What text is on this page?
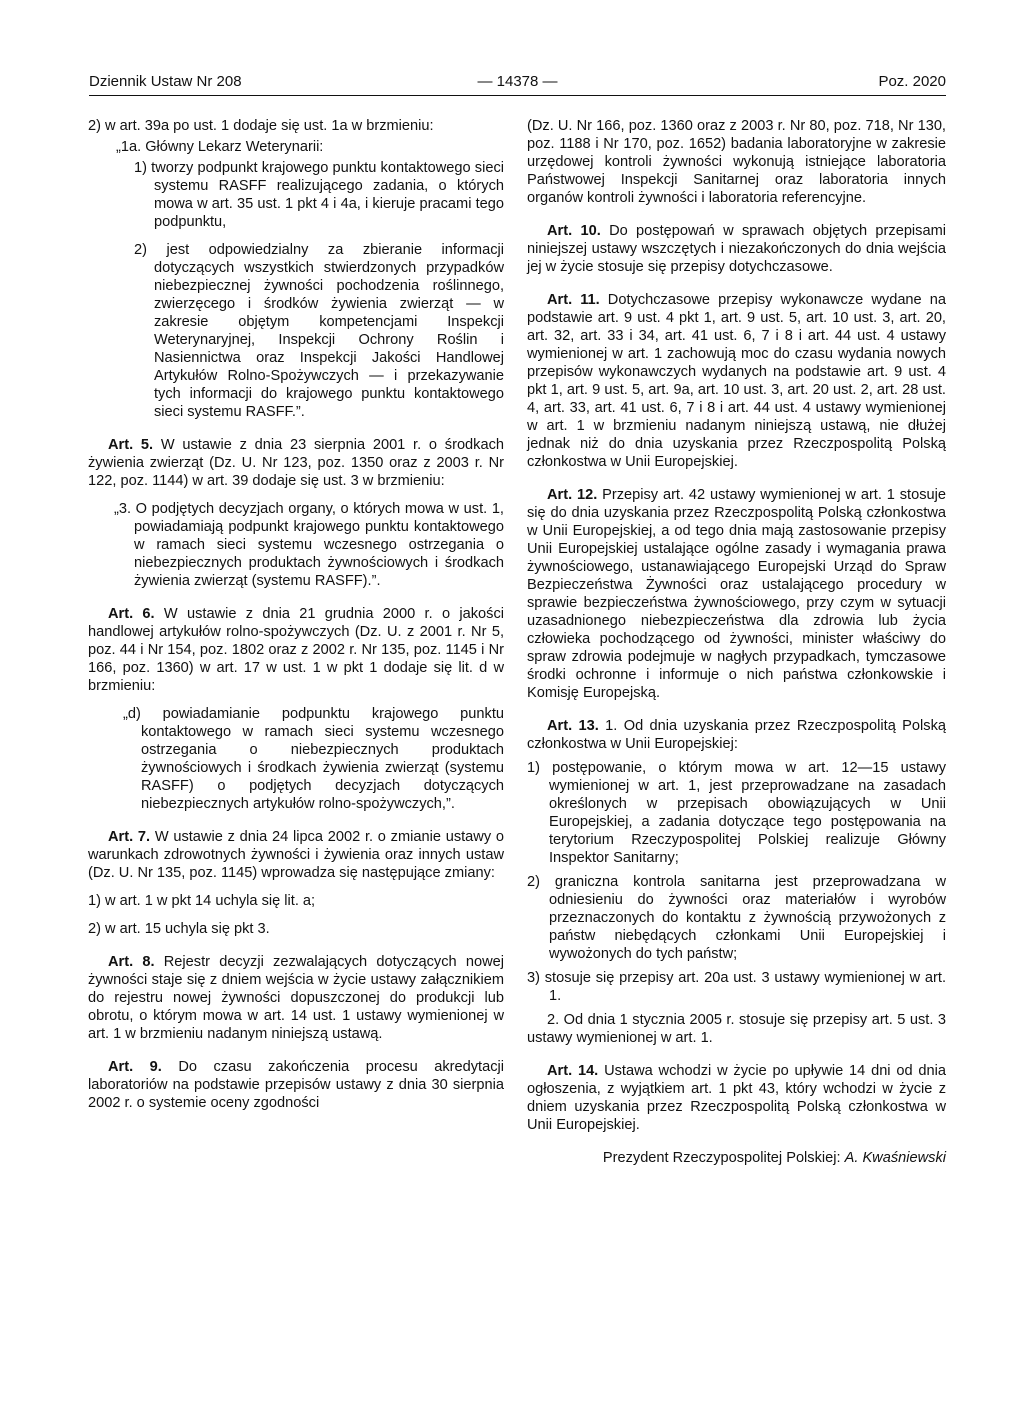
Dziennik Ustaw Nr 208	— 14378 —	Poz. 2020

2) w art. 39a po ust. 1 dodaje się ust. 1a w brzmieniu:

„1a. Główny Lekarz Weterynarii:

1) tworzy podpunkt krajowego punktu kontaktowego sieci systemu RASFF realizującego zadania, o których mowa w art. 35 ust. 1 pkt 4 i 4a, i kieruje pracami tego podpunktu,

2) jest odpowiedzialny za zbieranie informacji dotyczących wszystkich stwierdzonych przypadków niebezpiecznej żywności pochodzenia roślinnego, zwierzęcego i środków żywienia zwierząt — w zakresie objętym kompetencjami Inspekcji Weterynaryjnej, Inspekcji Ochrony Roślin i Nasiennictwa oraz Inspekcji Jakości Handlowej Artykułów Rolno-Spożywczych — i przekazywanie tych informacji do krajowego punktu kontaktowego sieci systemu RASFF.”.

Art. 5. W ustawie z dnia 23 sierpnia 2001 r. o środkach żywienia zwierząt (Dz. U. Nr 123, poz. 1350 oraz z 2003 r. Nr 122, poz. 1144) w art. 39 dodaje się ust. 3 w brzmieniu:

„3. O podjętych decyzjach organy, o których mowa w ust. 1, powiadamiają podpunkt krajowego punktu kontaktowego w ramach sieci systemu wczesnego ostrzegania o niebezpiecznych produktach żywnościowych i środkach żywienia zwierząt (systemu RASFF).”.

Art. 6. W ustawie z dnia 21 grudnia 2000 r. o jakości handlowej artykułów rolno-spożywczych (Dz. U. z 2001 r. Nr 5, poz. 44 i Nr 154, poz. 1802 oraz z 2002 r. Nr 135, poz. 1145 i Nr 166, poz. 1360) w art. 17 w ust. 1 w pkt 1 dodaje się lit. d w brzmieniu:

„d) powiadamianie podpunktu krajowego punktu kontaktowego w ramach sieci systemu wczesnego ostrzegania o niebezpiecznych produktach żywnościowych i środkach żywienia zwierząt (systemu RASFF) o podjętych decyzjach dotyczących niebezpiecznych artykułów rolno-spożywczych,”.

Art. 7. W ustawie z dnia 24 lipca 2002 r. o zmianie ustawy o warunkach zdrowotnych żywności i żywienia oraz innych ustaw (Dz. U. Nr 135, poz. 1145) wprowadza się następujące zmiany:

1) w art. 1 w pkt 14 uchyla się lit. a;

2) w art. 15 uchyla się pkt 3.

Art. 8. Rejestr decyzji zezwalających dotyczących nowej żywności staje się z dniem wejścia w życie ustawy załącznikiem do rejestru nowej żywności dopuszczonej do produkcji lub obrotu, o którym mowa w art. 14 ust. 1 ustawy wymienionej w art. 1 w brzmieniu nadanym niniejszą ustawą.

Art. 9. Do czasu zakończenia procesu akredytacji laboratoriów na podstawie przepisów ustawy z dnia 30 sierpnia 2002 r. o systemie oceny zgodności

(Dz. U. Nr 166, poz. 1360 oraz z 2003 r. Nr 80, poz. 718, Nr 130, poz. 1188 i Nr 170, poz. 1652) badania laboratoryjne w zakresie urzędowej kontroli żywności wykonują istniejące laboratoria Państwowej Inspekcji Sanitarnej oraz laboratoria innych organów kontroli żywności i laboratoria referencyjne.

Art. 10. Do postępowań w sprawach objętych przepisami niniejszej ustawy wszczętych i niezakończonych do dnia wejścia jej w życie stosuje się przepisy dotychczasowe.

Art. 11. Dotychczasowe przepisy wykonawcze wydane na podstawie art. 9 ust. 4 pkt 1, art. 9 ust. 5, art. 10 ust. 3, art. 20, art. 32, art. 33 i 34, art. 41 ust. 6, 7 i 8 i art. 44 ust. 4 ustawy wymienionej w art. 1 zachowują moc do czasu wydania nowych przepisów wykonawczych wydanych na podstawie art. 9 ust. 4 pkt 1, art. 9 ust. 5, art. 9a, art. 10 ust. 3, art. 20 ust. 2, art. 28 ust. 4, art. 33, art. 41 ust. 6, 7 i 8 i art. 44 ust. 4 ustawy wymienionej w art. 1 w brzmieniu nadanym niniejszą ustawą, nie dłużej jednak niż do dnia uzyskania przez Rzeczpospolitą Polską członkostwa w Unii Europejskiej.

Art. 12. Przepisy art. 42 ustawy wymienionej w art. 1 stosuje się do dnia uzyskania przez Rzeczpospolitą Polską członkostwa w Unii Europejskiej, a od tego dnia mają zastosowanie przepisy Unii Europejskiej ustalające ogólne zasady i wymagania prawa żywnościowego, ustanawiającego Europejski Urząd do Spraw Bezpieczeństwa Żywności oraz ustalającego procedury w sprawie bezpieczeństwa żywnościowego, przy czym w sytuacji uzasadnionego niebezpieczeństwa dla zdrowia lub życia człowieka pochodzącego od żywności, minister właściwy do spraw zdrowia podejmuje w nagłych przypadkach, tymczasowe środki ochronne i informuje o nich państwa członkowskie i Komisję Europejską.

Art. 13. 1. Od dnia uzyskania przez Rzeczpospolitą Polską członkostwa w Unii Europejskiej:

1) postępowanie, o którym mowa w art. 12—15 ustawy wymienionej w art. 1, jest przeprowadzane na zasadach określonych w przepisach obowiązujących w Unii Europejskiej, a zadania dotyczące tego postępowania na terytorium Rzeczypospolitej Polskiej realizuje Główny Inspektor Sanitarny;

2) graniczna kontrola sanitarna jest przeprowadzana w odniesieniu do żywności oraz materiałów i wyrobów przeznaczonych do kontaktu z żywnością przywożonych z państw niebędących członkami Unii Europejskiej i wywożonych do tych państw;

3) stosuje się przepisy art. 20a ust. 3 ustawy wymienionej w art. 1.

2. Od dnia 1 stycznia 2005 r. stosuje się przepisy art. 5 ust. 3 ustawy wymienionej w art. 1.

Art. 14. Ustawa wchodzi w życie po upływie 14 dni od dnia ogłoszenia, z wyjątkiem art. 1 pkt 43, który wchodzi w życie z dniem uzyskania przez Rzeczpospolitą Polską członkostwa w Unii Europejskiej.

Prezydent Rzeczypospolitej Polskiej: A. Kwaśniewski
